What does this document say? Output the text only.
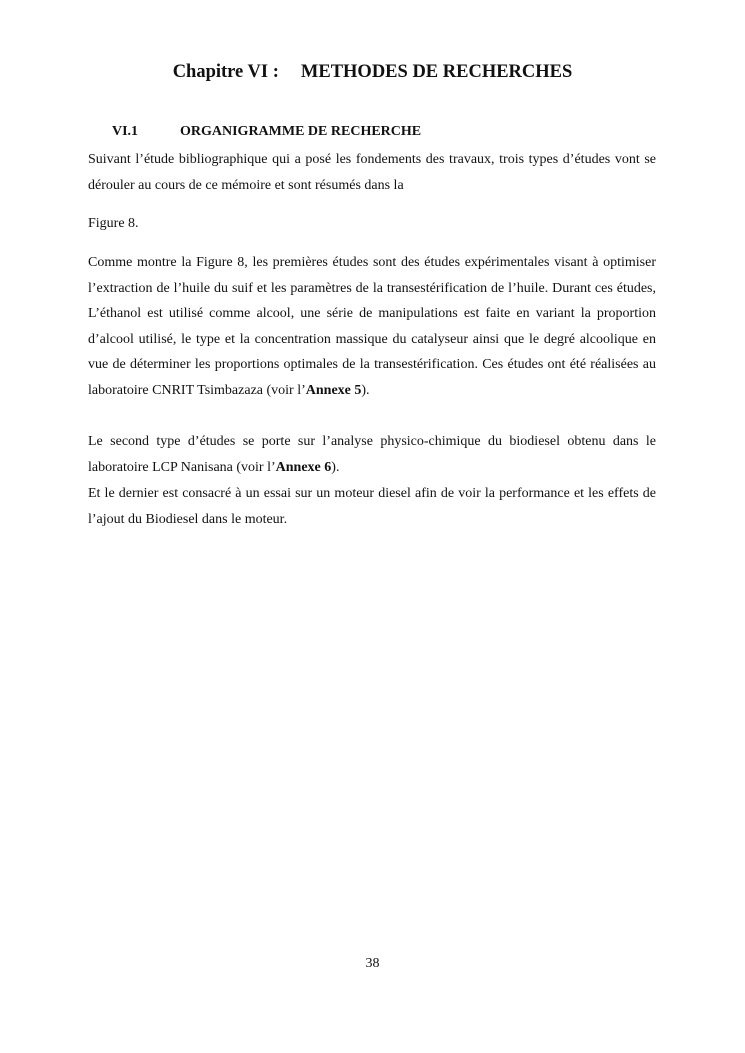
Chapitre VI : METHODES DE RECHERCHES
VI.1	ORGANIGRAMME DE RECHERCHE

Suivant l’étude bibliographique qui a posé les fondements des travaux, trois types d’études vont se dérouler au cours de ce mémoire et sont résumés dans la

Figure 8.

Comme montre la Figure 8, les premières études sont des études expérimentales visant à optimiser l’extraction de l’huile du suif et les paramètres de la transestérification de l’huile. Durant ces études, L’éthanol est utilisé comme alcool, une série de manipulations est faite en variant la proportion d’alcool utilisé, le type et la concentration massique du catalyseur ainsi que le degré alcoolique en vue de déterminer les proportions optimales de la transestérification. Ces études ont été réalisées au laboratoire CNRIT Tsimbazaza (voir l’Annexe 5).

Le second type d’études se porte sur l’analyse physico-chimique du biodiesel obtenu dans le laboratoire LCP Nanisana (voir l’Annexe 6).

Et le dernier est consacré à un essai sur un moteur diesel afin de voir la performance et les effets de l’ajout du Biodiesel dans le moteur.

38
